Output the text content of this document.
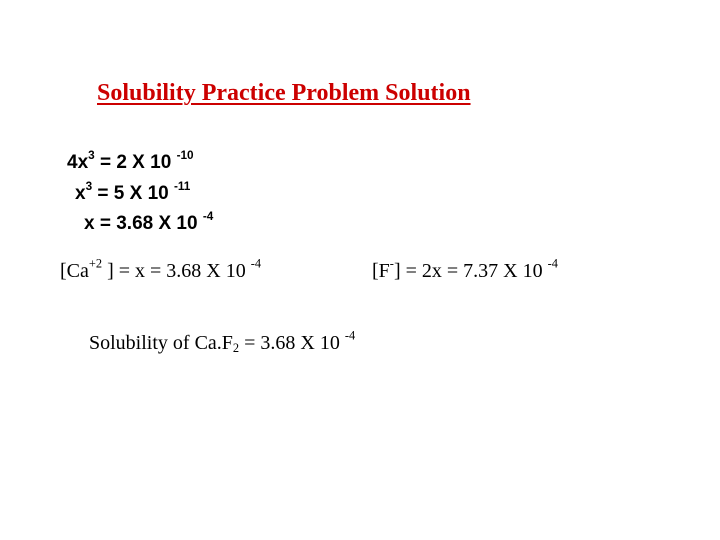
Solubility Practice Problem Solution
$4x^3 = 2$ X 10 $^{-10}$
$x^3 = 5$ X 10 $^{-11}$
x = 3.68 X 10 $^{-4}$
[$Ca^{+2}$ ] = x = 3.68 X 10 $^{-4}$	[F-] = 2x = 7.37 X 10 $^{-4}$
Solubility of $Ca.F_2 = 3.68$ X 10 $^{-4}$
